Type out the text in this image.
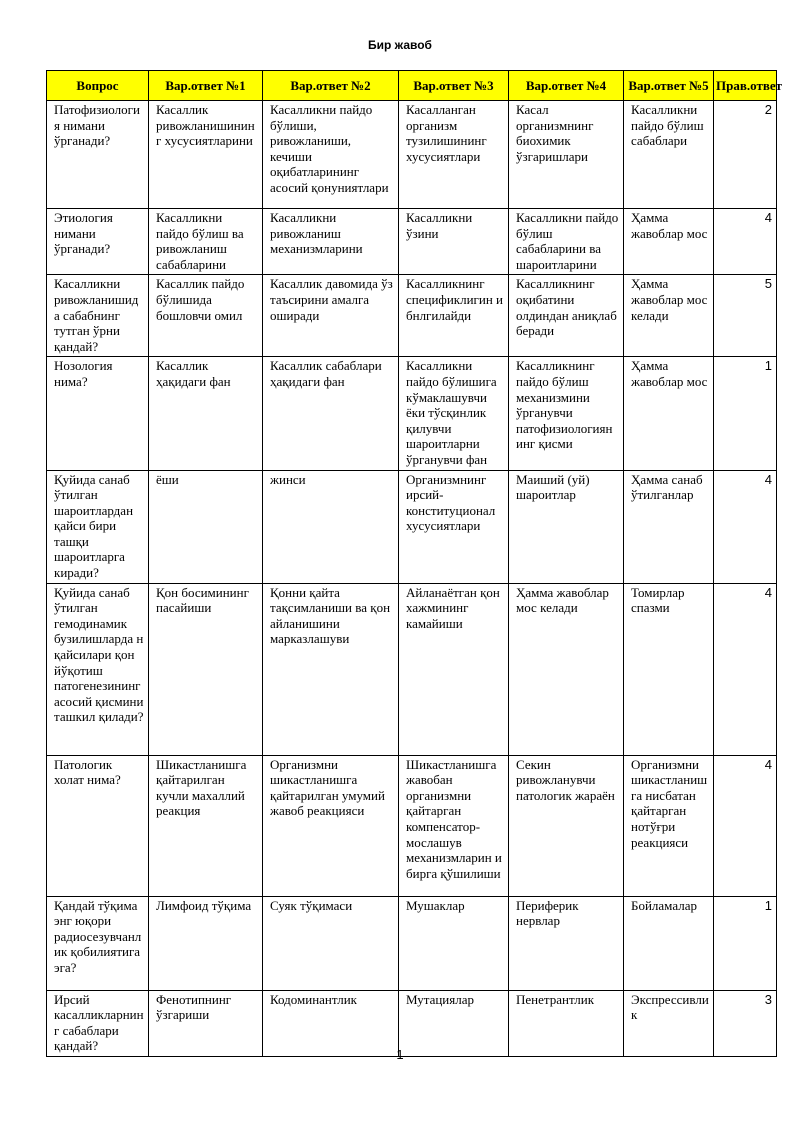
Бир жавоб
Вопрос	Вар.ответ №1	Вар.ответ №2	Вар.ответ №3	Вар.ответ №4	Вар.ответ №5	Прав.ответ
Патофизиология нимани ўрганади?	Касаллик ривожланишининг хусусиятларини	Касалликни пайдо бўлиши, ривожланиши, кечиши оқибатларининг асосий қонуниятлари	Касалланган организм тузилишининг хусусиятлари	Касал организмнинг биохимик ўзгаришлари	Касалликни пайдо бўлиш сабаблари	2
Этиология нимани ўрганади?	Касалликни пайдо бўлиш ва ривожланиш сабабларини	Касалликни ривожланиш механизмларини	Касалликни ўзини	Касалликни пайдо бўлиш сабабларини ва шароитларини	Ҳамма жавоблар мос	4
Касалликни ривожланишида сабабнинг тутган ўрни қандай?	Касаллик пайдо бўлишида бошловчи омил	Касаллик давомида ўз таъсирини амалга оширади	Касалликнинг спецификлигин и бнлгилайди	Касалликнинг оқибатини олдиндан аниқлаб беради	Ҳамма жавоблар мос келади	5
Нозология нима?	Касаллик ҳақидаги фан	Касаллик сабаблари ҳақидаги фан	Касалликни пайдо бўлишига кўмаклашувчи ёки тўсқинлик қилувчи шароитларни ўрганувчи фан	Касалликнинг пайдо бўлиш механизмини ўрганувчи патофизиологиянинг қисми	Ҳамма жавоблар мос	1
Қуйида санаб ўтилган шароитлардан қайси бири ташқи шароитларга киради?	ёши	жинси	Организмнинг ирсий-конституционал хусусиятлари	Маиший (уй) шароитлар	Ҳамма санаб ўтилганлар	4
Қуйида санаб ўтилган гемодинамик бузилишларда н қайсилари қон йўқотиш патогенезининг асосий қисмини ташкил қилади?	Қон босимининг пасайиши	Қонни қайта тақсимланиши ва қон айланишини марказлашуви	Айланаётган қон хажмининг камайиши	Ҳамма жавоблар мос келади	Томирлар спазми	4
Патологик холат нима?	Шикастланишга қайтарилган кучли махаллий реакция	Организмни шикастланишга қайтарилган умумий жавоб реакцияси	Шикастланишга жавобан организмни қайтарган компенсатор-мослашув механизмларин и бирга қўшилиши	Секин ривожланувчи патологик жараён	Организмни шикастланишга нисбатан қайтарган нотўғри реакцияси	4
Қандай тўқима энг юқори радиосезувчанлик қобилиятига эга?	Лимфоид тўқима	Суяк тўқимаси	Мушаклар	Периферик нервлар	Бойламалар	1
Ирсий касалликларнинг сабаблари қандай?	Фенотипнинг ўзгариши	Кодоминантлик	Мутациялар	Пенетрантлик	Экспрессивлик	3
1
